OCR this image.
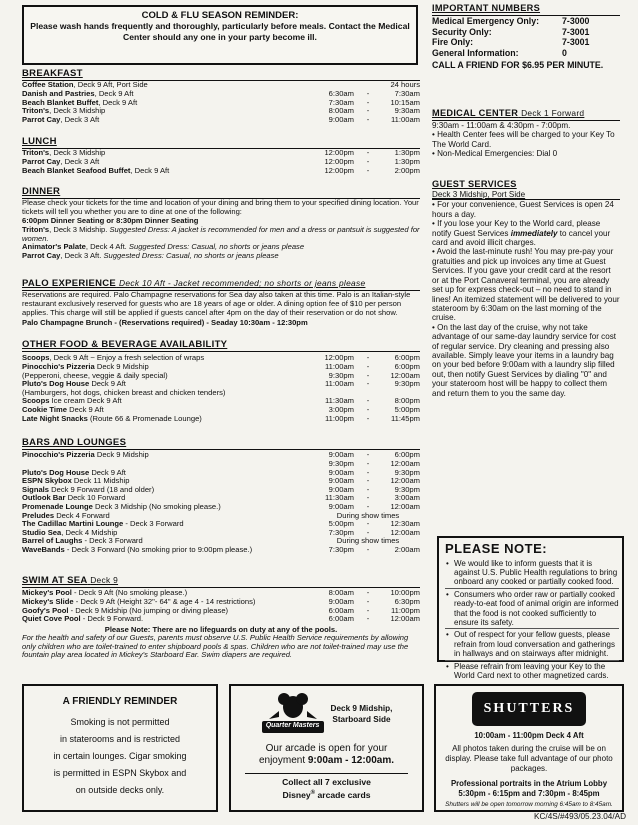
COLD & FLU SEASON REMINDER:
Please wash hands frequently and thoroughly, particularly before meals. Contact the Medical Center should any one in your party become ill.
BREAKFAST
Coffee Station, Deck 9 Aft, Port Side	24 hours
Danish and Pastries, Deck 9 Aft	6:30am	-	7:30am
Beach Blanket Buffet, Deck 9 Aft	7:30am	-	10:15am
Triton's, Deck 3 Midship	8:00am	-	9:30am
Parrot Cay, Deck 3 Aft	9:00am	-	11:00am
LUNCH
Triton's, Deck 3 Midship	12:00pm	-	1:30pm
Parrot Cay, Deck 3 Aft	12:00pm	-	1:30pm
Beach Blanket Seafood Buffet, Deck 9 Aft	12:00pm	-	2:00pm
DINNER
Please check your tickets for the time and location of your dining and bring them to your specified dining location. Your tickets will tell you whether you are to dine at one of the following:
6:00pm Dinner Seating or 8:30pm Dinner Seating
Triton's, Deck 3 Midship. Suggested Dress: A jacket is recommended for men and a dress or pantsuit is suggested for women.
Animator's Palate, Deck 4 Aft. Suggested Dress: Casual, no shorts or jeans please
Parrot Cay, Deck 3 Aft. Suggested Dress: Casual, no shorts or jeans please
PALO EXPERIENCE Deck 10 Aft - Jacket recommended; no shorts or jeans please
Reservations are required. Palo Champagne reservations for Sea day also taken at this time. Palo is an Italian-style restaurant exclusively reserved for guests who are 18 years of age or older. A dining option fee of $10 per person applies. This charge will still be applied if guests cancel after 4pm on the day of their reservation or do not show.
Palo Champagne Brunch - (Reservations required) - Seaday 10:30am - 12:30pm
OTHER FOOD & BEVERAGE AVAILABILITY
Scoops, Deck 9 Aft ~ Enjoy a fresh selection of wraps	12:00pm	-	6:00pm
Pinocchio's Pizzeria Deck 9 Midship	11:00am	-	6:00pm
(Pepperoni, cheese, veggie & daily special)	9:30pm	-	12:00am
Pluto's Dog House Deck 9 Aft	11:00am	-	9:30pm
(Hamburgers, hot dogs, chicken breast and chicken tenders)
Scoops Ice cream Deck 9 Aft	11:30am	-	8:00pm
Cookie Time Deck 9 Aft	3:00pm	-	5:00pm
Late Night Snacks (Route 66 & Promenade Lounge)	11:00pm	-	11:45pm
BARS AND LOUNGES
Pinocchio's Pizzeria Deck 9 Midship	9:00am	-	6:00pm
9:30pm	-	12:00am
Pluto's Dog House Deck 9 Aft	9:00am	-	9:30pm
ESPN Skybox Deck 11 Midship	9:00am	-	12:00am
Signals Deck 9 Forward (18 and older)	9:00am	-	9:30pm
Outlook Bar Deck 10 Forward	11:30am	-	3:00am
Promenade Lounge Deck 3 Midship (No smoking please.)	9:00am	-	12:00am
Preludes Deck 4 Forward	During show times
The Cadillac Martini Lounge - Deck 3 Forward	5:00pm	-	12:30am
Studio Sea, Deck 4 Midship	7:30pm	-	12:00am
Barrel of Laughs - Deck 3 Forward	During show times
WaveBands - Deck 3 Forward (No smoking prior to 9:00pm please.)	7:30pm	-	2:00am
SWIM AT SEA Deck 9
Mickey's Pool - Deck 9 Aft (No smoking please.)	8:00am	-	10:00pm
Mickey's Slide - Deck 9 Aft (Height 32"- 64" & age 4 - 14 restrictions)	9:00am	-	6:30pm
Goofy's Pool - Deck 9 Midship (No jumping or diving please)	6:00am	-	11:00pm
Quiet Cove Pool - Deck 9 Forward.	6:00am	-	12:00am
Please Note: There are no lifeguards on duty at any of the pools.
For the health and safety of our Guests, parents must observe U.S. Public Health Service requirements by allowing only children who are toilet-trained to enter shipboard pools & spas. Children who are not toilet-trained may use the fountain play area located in Mickey's Starboard Ear. Swim diapers are required.
IMPORTANT NUMBERS
Medical Emergency Only:	7-3000
Security Only:	7-3001
Fire Only:	7-3001
General Information:	0
CALL A FRIEND FOR $6.95 PER MINUTE.
MEDICAL CENTER Deck 1 Forward
9:30am - 11:00am & 4:30pm - 7:00pm.
• Health Center fees will be charged to your Key To The World Card.
• Non-Medical Emergencies: Dial 0
GUEST SERVICES
Deck 3 Midship, Port Side
• For your convenience, Guest Services is open 24 hours a day.
• If you lose your Key to the World card, please notify Guest Services immediately to cancel your card and avoid illicit charges.
• Avoid the last-minute rush! You may pre-pay your gratuities and pick up invoices any time at Guest Services. If you gave your credit card at the resort or at the Port Canaveral terminal, you are already set up for express check-out – no need to stand in lines! An itemized statement will be delivered to your stateroom by 6:30am on the last morning of the cruise.
• On the last day of the cruise, why not take advantage of our same-day laundry service for cost of regular service. Dry cleaning and pressing also available. Simply leave your items in a laundry bag on your bed before 9:00am with a laundry slip filled out, then notify Guest Services by dialing "0" and your stateroom host will be happy to collect them and return them to you the same day.
PLEASE NOTE:
• We would like to inform guests that it is against U.S. Public Health regulations to bring onboard any cooked or partially cooked food.
• Consumers who order raw or partially cooked ready-to-eat food of animal origin are informed that the food is not cooked sufficiently to ensure its safety.
• Out of respect for your fellow guests, please refrain from loud conversation and gatherings in hallways and on stairways after midnight.
• Please refrain from leaving your Key to the World Card next to other magnetized cards.
A FRIENDLY REMINDER
Smoking is not permitted
in staterooms and is restricted
in certain lounges. Cigar smoking
is permitted in ESPN Skybox and
on outside decks only.
Quarter Masters
Deck 9 Midship,
Starboard Side
Our arcade is open for your
enjoyment 9:00am - 12:00am.
Collect all 7 exclusive
Disney® arcade cards
SHUTTERS
10:00am - 11:00pm Deck 4 Aft
All photos taken during the cruise will be on display. Please take full advantage of our photo packages.
Professional portraits in the Atrium Lobby
5:30pm - 6:15pm and 7:30pm - 8:45pm
Shutters will be open tomorrow morning 6:45am to 8:45am.
KC/4S/#493/05.23.04/AD
